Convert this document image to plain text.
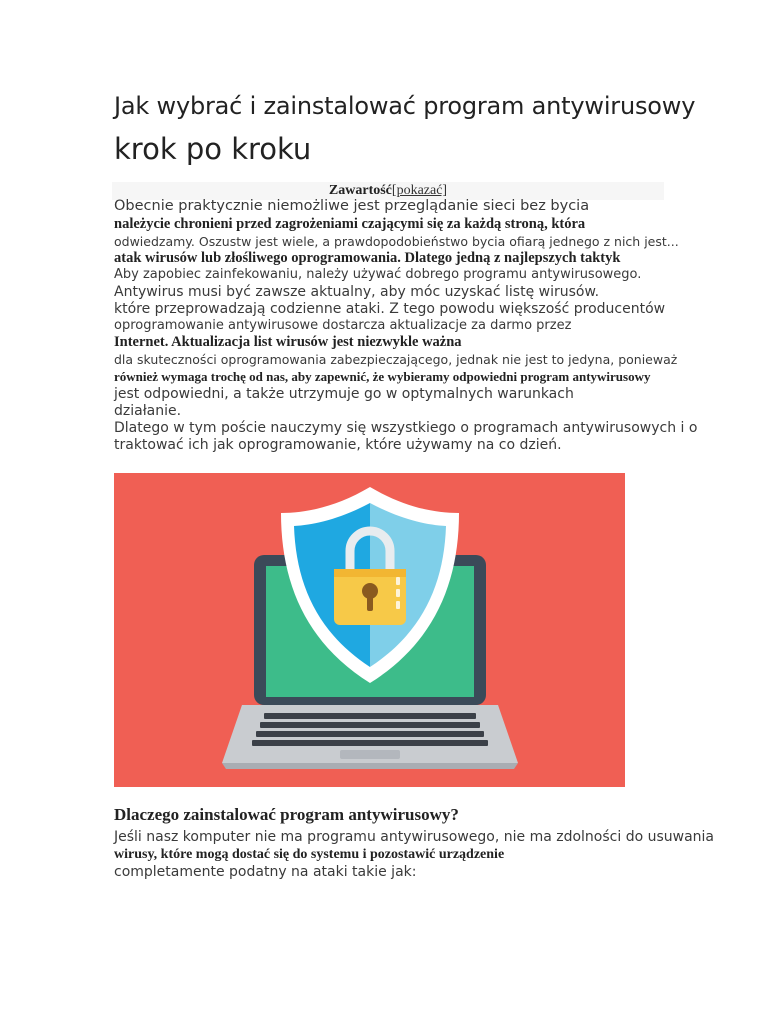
Jak wybrać i zainstalować program antywirusowy
krok po kroku
Zawartość[pokazać]
Obecnie praktycznie niemożliwe jest przeglądanie sieci bez bycia
należycie chronieni przed zagrożeniami czającymi się za każdą stroną, która
odwiedzamy. Oszustw jest wiele, a prawdopodobieństwo bycia ofiarą jednego z nich jest...
atak wirusów lub złośliwego oprogramowania. Dlatego jedną z najlepszych taktyk
Aby zapobiec zainfekowaniu, należy używać dobrego programu antywirusowego.
Antywirus musi być zawsze aktualny, aby móc uzyskać listę wirusów.
które przeprowadzają codzienne ataki. Z tego powodu większość producentów
oprogramowanie antywirusowe dostarcza aktualizacje za darmo przez
Internet. Aktualizacja list wirusów jest niezwykle ważna
dla skuteczności oprogramowania zabezpieczającego, jednak nie jest to jedyna, ponieważ
również wymaga trochę od nas, aby zapewnić, że wybieramy odpowiedni program antywirusowy
jest odpowiedni, a także utrzymuje go w optymalnych warunkach
działanie.
Dlatego w tym poście nauczymy się wszystkiego o programach antywirusowych i o
traktować ich jak oprogramowanie, które używamy na co dzień.
Dlaczego zainstalować program antywirusowy?
Jeśli nasz komputer nie ma programu antywirusowego, nie ma zdolności do usuwania
wirusy, które mogą dostać się do systemu i pozostawić urządzenie
completamente podatny na ataki takie jak:
